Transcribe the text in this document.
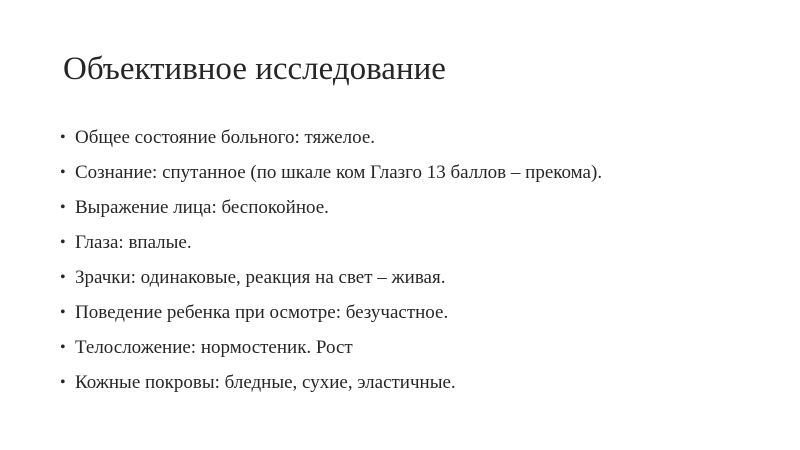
Объективное исследование
• Общее состояние больного: тяжелое.
• Сознание: спутанное (по шкале ком Глазго 13 баллов – прекома).
• Выражение лица: беспокойное.
• Глаза: впалые.
• Зрачки: одинаковые, реакция на свет – живая.
• Поведение ребенка при осмотре: безучастное.
• Телосложение: нормостеник. Рост
• Кожные покровы: бледные, сухие, эластичные.
